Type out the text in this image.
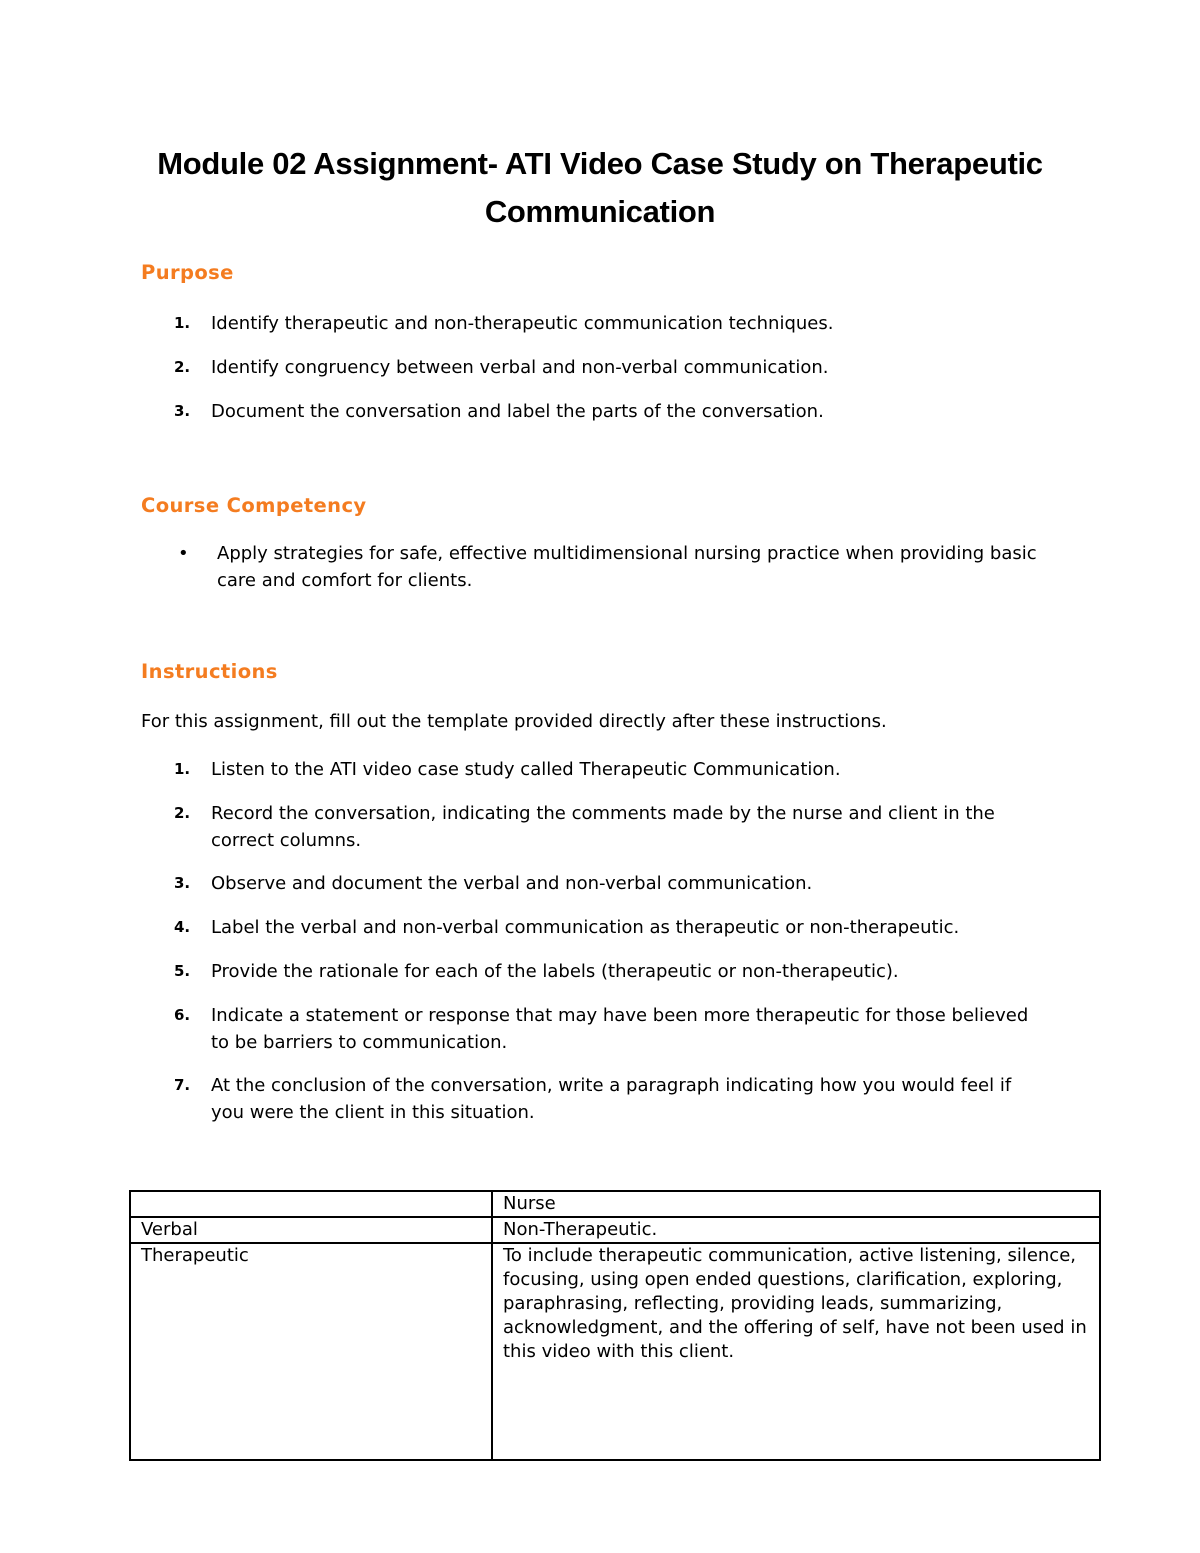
Module 02 Assignment- ATI Video Case Study on Therapeutic
Communication
Purpose
1.	Identify therapeutic and non-therapeutic communication techniques.
2.	Identify congruency between verbal and non-verbal communication.
3.	Document the conversation and label the parts of the conversation.
Course Competency
• Apply strategies for safe, effective multidimensional nursing practice when providing basic care and comfort for clients.
Instructions
For this assignment, fill out the template provided directly after these instructions.
1.	Listen to the ATI video case study called Therapeutic Communication.
2.	Record the conversation, indicating the comments made by the nurse and client in the correct columns.
3.	Observe and document the verbal and non-verbal communication.
4.	Label the verbal and non-verbal communication as therapeutic or non-therapeutic.
5.	Provide the rationale for each of the labels (therapeutic or non-therapeutic).
6.	Indicate a statement or response that may have been more therapeutic for those believed to be barriers to communication.
7.	At the conclusion of the conversation, write a paragraph indicating how you would feel if you were the client in this situation.
	Nurse
Verbal	Non-Therapeutic.
Therapeutic	To include therapeutic communication, active listening, silence, focusing, using open ended questions, clarification, exploring, paraphrasing, reflecting, providing leads, summarizing, acknowledgment, and the offering of self, have not been used in this video with this client.
